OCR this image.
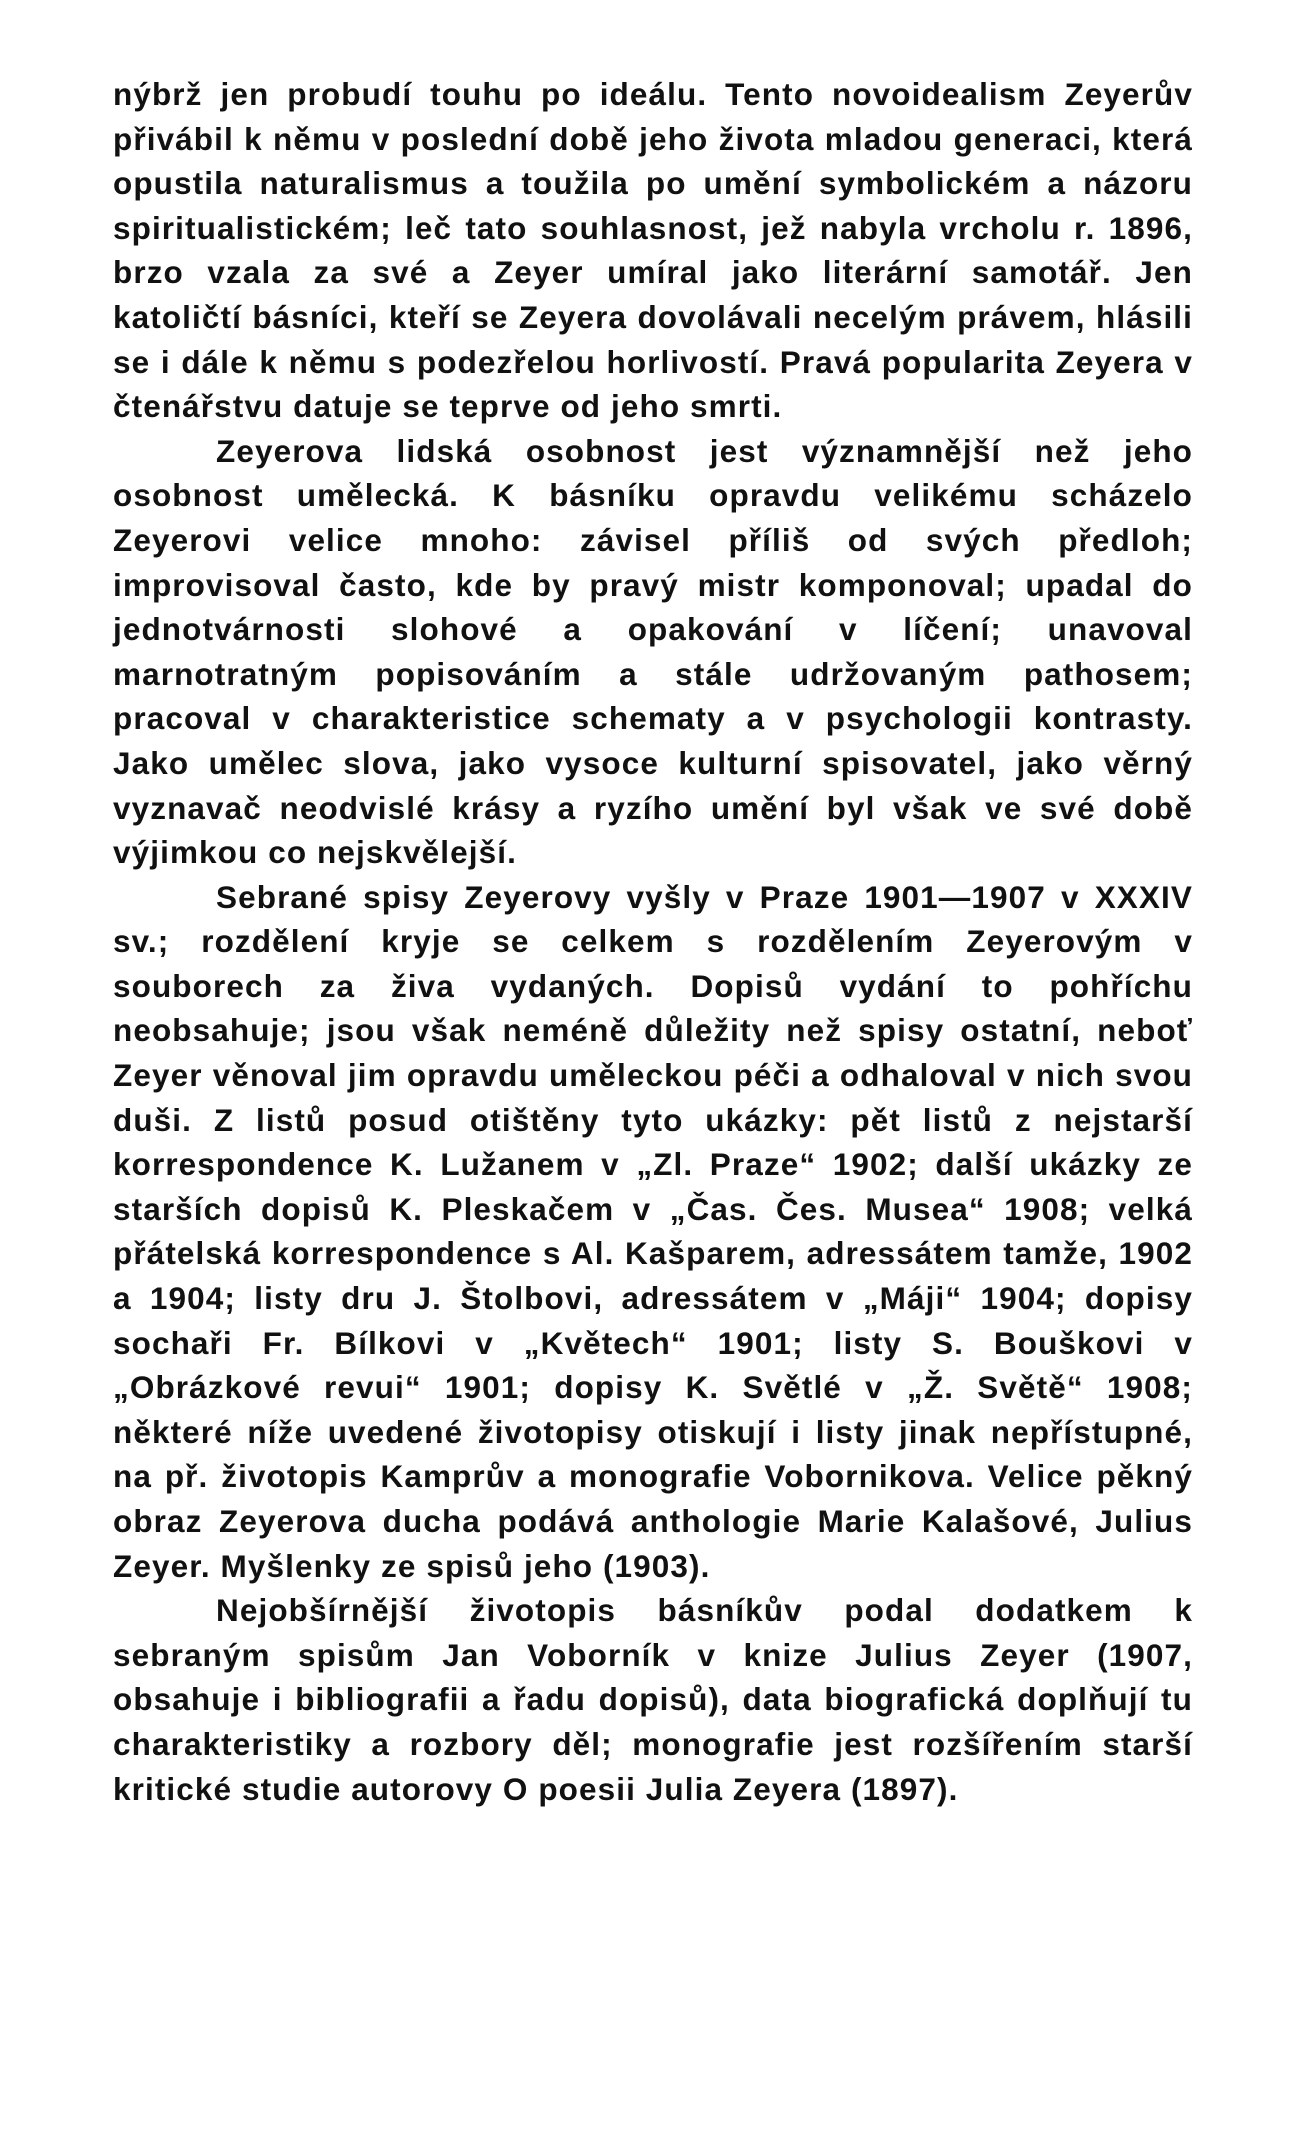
nýbrž jen probudí touhu po ideálu. Tento novoidealism Zeyerův přivábil k němu v poslední době jeho života mladou generaci, která opustila naturalismus a toužila po umění symbolickém a názoru spiritualistickém; leč tato souhlasnost, jež nabyla vrcholu r. 1896, brzo vzala za své a Zeyer umíral jako literární samotář. Jen katoličtí básníci, kteří se Zeyera dovolávali necelým právem, hlásili se i dále k němu s podezřelou horlivostí. Pravá popularita Zeyera v čtenářstvu datuje se teprve od jeho smrti.

Zeyerova lidská osobnost jest významnější než jeho osobnost umělecká. K básníku opravdu velikému scházelo Zeyerovi velice mnoho: závisel příliš od svých předloh; improvisoval často, kde by pravý mistr komponoval; upadal do jednotvárnosti slohové a opakování v líčení; unavoval marnotratným popisováním a stále udržovaným pathosem; pracoval v charakteristice schematy a v psychologii kontrasty. Jako umělec slova, jako vysoce kulturní spisovatel, jako věrný vyznavač neodvislé krásy a ryzího umění byl však ve své době výjimkou co nejskvělejší.

Sebrané spisy Zeyerovy vyšly v Praze 1901—1907 v XXXIV sv.; rozdělení kryje se celkem s rozdělením Zeyerovým v souborech za živa vydaných. Dopisů vydání to pohříchu neobsahuje; jsou však neméně důležity než spisy ostatní, neboť Zeyer věnoval jim opravdu uměleckou péči a odhaloval v nich svou duši. Z listů posud otištěny tyto ukázky: pět listů z nejstarší korrespondence K. Lužanem v „Zl. Praze“ 1902; další ukázky ze starších dopisů K. Pleskačem v „Čas. Čes. Musea“ 1908; velká přátelská korrespondence s Al. Kašparem, adressátem tamže, 1902 a 1904; listy dru J. Štolbovi, adressátem v „Máji“ 1904; dopisy sochaři Fr. Bílkovi v „Květech“ 1901; listy S. Bouškovi v „Obrázkové revui“ 1901; dopisy K. Světlé v „Ž. Světě“ 1908; některé níže uvedené životopisy otiskují i listy jinak nepřístupné, na př. životopis Kamprův a monografie Vobornikova. Velice pěkný obraz Zeyerova ducha podává anthologie Marie Kalašové, Julius Zeyer. Myšlenky ze spisů jeho (1903).

Nejobšírnější životopis básníkův podal dodatkem k sebraným spisům Jan Voborník v knize Julius Zeyer (1907, obsahuje i bibliografii a řadu dopisů), data biografická doplňují tu charakteristiky a rozbory děl; monografie jest rozšířením starší kritické studie autorovy O poesii Julia Zeyera (1897).
